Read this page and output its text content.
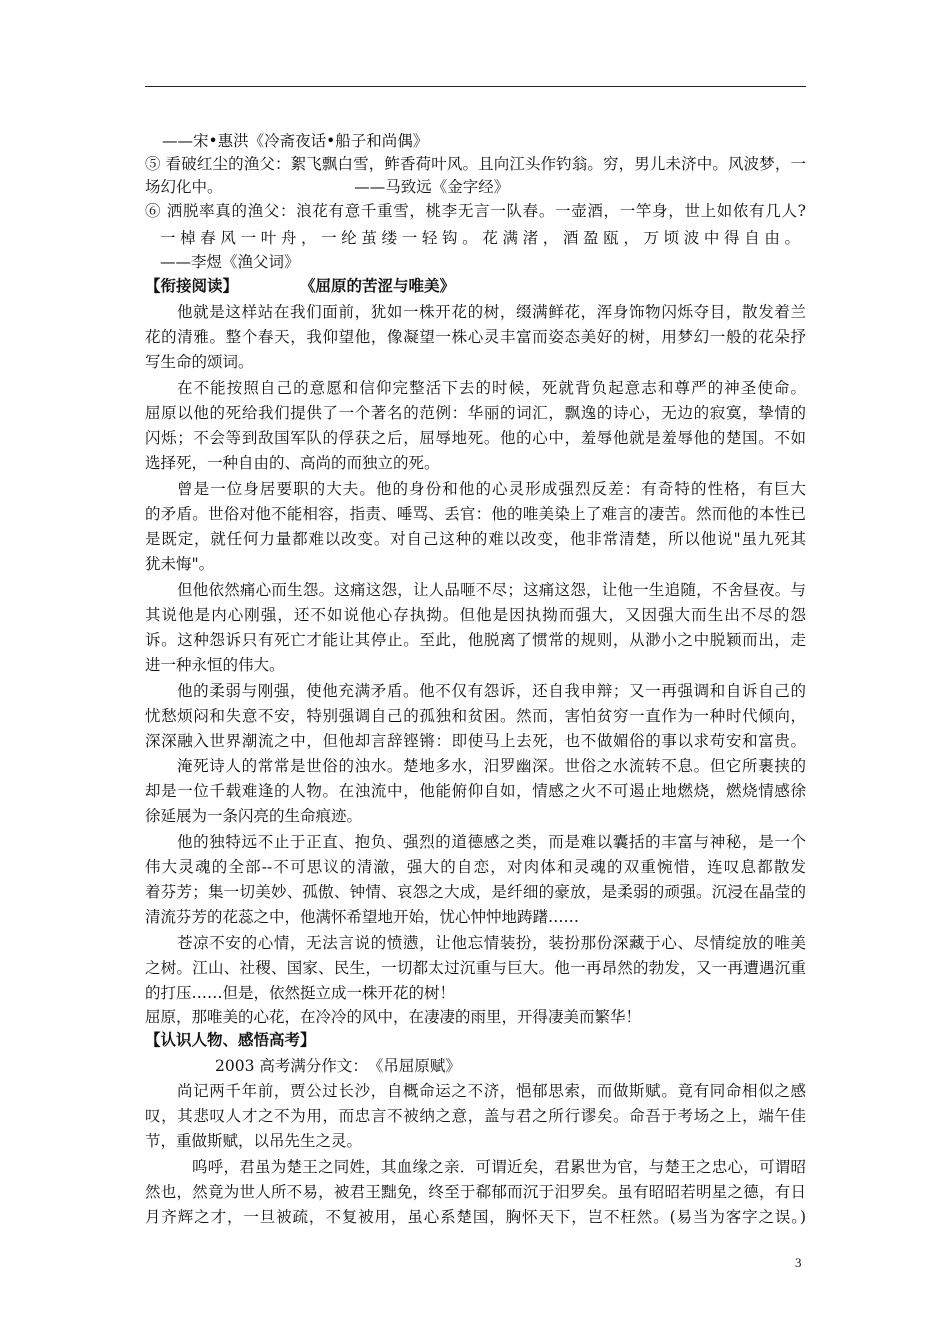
——宋•惠洪《冷斋夜话•船子和尚偶》
⑤ 看破红尘的渔父：絮飞飘白雪，鲊香荷叶风。且向江头作钓翁。穷，男儿未济中。风波梦，一
场幻化中。　　　　　　　　　——马致远《金字经》
⑥ 洒脱率真的渔父：浪花有意千重雪，桃李无言一队春。一壶酒，一竿身，世上如侬有几人?
一棹春风一叶舟，一纶茧缕一轻钩。花满渚，酒盈瓯，万顷波中得自由。
——李煜《渔父词》
【衔接阅读】　　　　　《屈原的苦涩与唯美》
他就是这样站在我们面前，犹如一株开花的树，缀满鲜花，浑身饰物闪烁夺目，散发着兰
花的清雅。整个春天，我仰望他，像凝望一株心灵丰富而姿态美好的树，用梦幻一般的花朵抒
写生命的颂词。
在不能按照自己的意愿和信仰完整活下去的时候，死就背负起意志和尊严的神圣使命。
屈原以他的死给我们提供了一个著名的范例：华丽的词汇，飘逸的诗心，无边的寂寞，挚情的
闪烁；不会等到敌国军队的俘获之后，屈辱地死。他的心中，羞辱他就是羞辱他的楚国。不如
选择死，一种自由的、高尚的而独立的死。
曾是一位身居要职的大夫。他的身份和他的心灵形成强烈反差：有奇特的性格，有巨大
的矛盾。世俗对他不能相容，指责、唾骂、丢官：他的唯美染上了难言的凄苦。然而他的本性已
是既定，就任何力量都难以改变。对自己这种的难以改变，他非常清楚，所以他说"虽九死其
犹未悔"。
但他依然痛心而生怨。这痛这怨，让人品咂不尽；这痛这怨，让他一生追随，不舍昼夜。与
其说他是内心刚强，还不如说他心存执拗。但他是因执拗而强大，又因强大而生出不尽的怨
诉。这种怨诉只有死亡才能让其停止。至此，他脱离了惯常的规则，从渺小之中脱颖而出，走
进一种永恒的伟大。
他的柔弱与刚强，使他充满矛盾。他不仅有怨诉，还自我申辩；又一再强调和自诉自己的
忧愁烦闷和失意不安，特别强调自己的孤独和贫困。然而，害怕贫穷一直作为一种时代倾向，
深深融入世界潮流之中，但他却言辞铿锵：即使马上去死，也不做媚俗的事以求苟安和富贵。
淹死诗人的常常是世俗的浊水。楚地多水，汨罗幽深。世俗之水流转不息。但它所裹挟的
却是一位千载难逢的人物。在浊流中，他能俯仰自如，情感之火不可遏止地燃烧，燃烧情感徐
徐延展为一条闪亮的生命痕迹。
他的独特远不止于正直、抱负、强烈的道德感之类，而是难以囊括的丰富与神秘，是一个
伟大灵魂的全部--不可思议的清澈，强大的自恋，对肉体和灵魂的双重惋惜，连叹息都散发
着芬芳；集一切美妙、孤傲、钟情、哀怨之大成，是纤细的豪放，是柔弱的顽强。沉浸在晶莹的
清流芬芳的花蕊之中，他满怀希望地开始，忧心忡忡地踌躇……
苍凉不安的心情，无法言说的愤懑，让他忘情装扮，装扮那份深藏于心、尽情绽放的唯美
之树。江山、社稷、国家、民生，一切都太过沉重与巨大。他一再昂然的勃发，又一再遭遇沉重
的打压……但是，依然挺立成一株开花的树！
屈原，那唯美的心花，在冷冷的风中，在凄凄的雨里，开得凄美而繁华！
【认识人物、感悟高考】
2003 高考满分作文：　《吊屈原赋》
尚记两千年前，贾公过长沙，自概命运之不济，悒郁思索，而做斯赋。竟有同命相似之感
叹，其悲叹人才之不为用，而忠言不被纳之意，盖与君之所行谬矣。命吾于考场之上，端午佳
节，重做斯赋，以吊先生之灵。
呜呼，君虽为楚王之同姓，其血缘之亲．可谓近矣，君累世为官，与楚王之忠心，可谓昭
然也，然竟为世人所不易，被君王黜免，终至于郗郁而沉于汨罗矣。虽有昭昭若明星之德，有日
月齐辉之才，一旦被疏，不复被用，虽心系楚国，胸怀天下，岂不枉然。(易当为客字之误。)
3
